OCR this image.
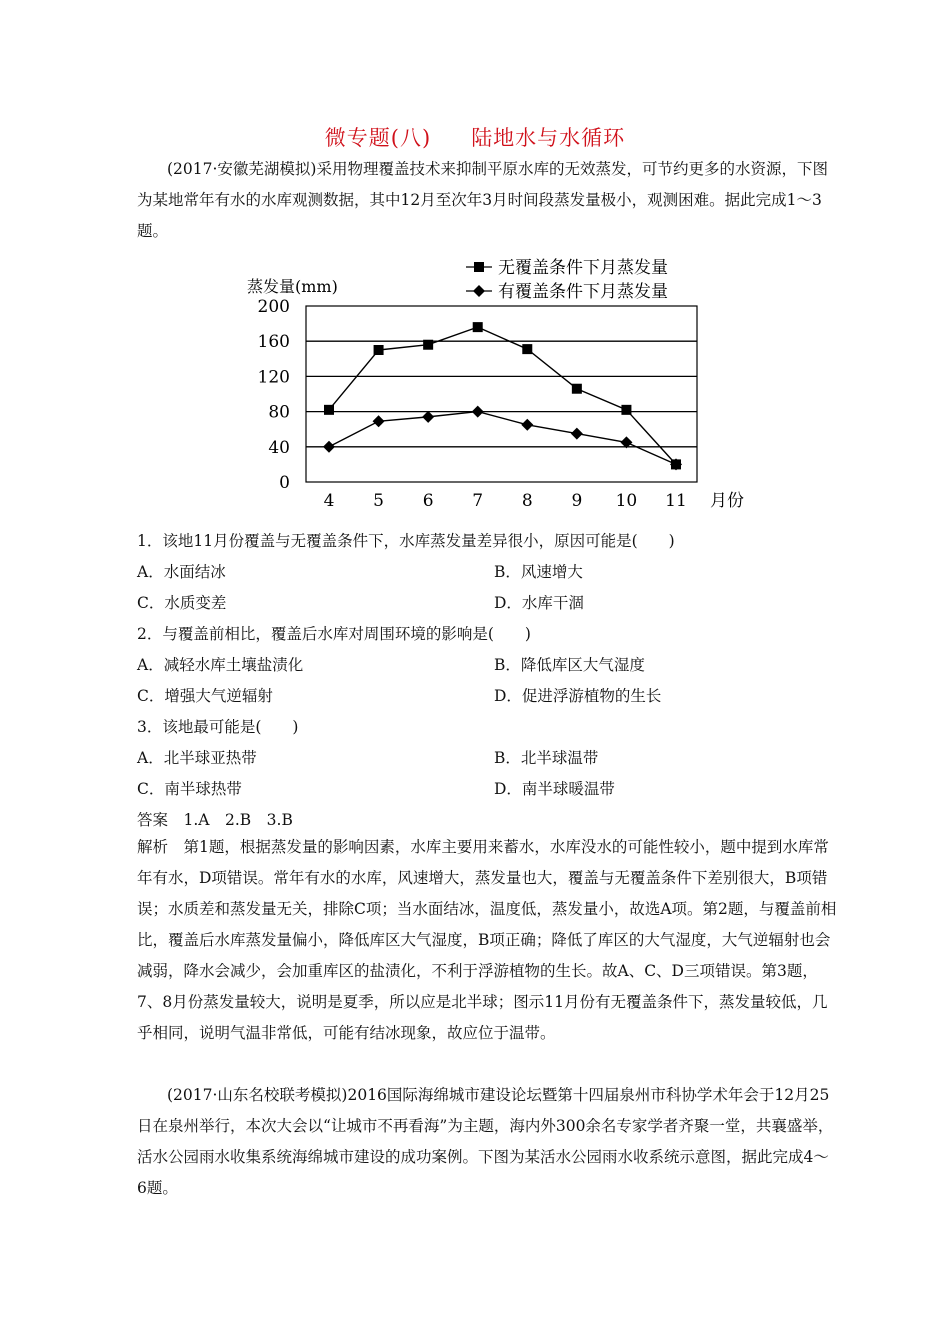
微专题(八) 陆地水与水循环
(2017·安徽芜湖模拟)采用物理覆盖技术来抑制平原水库的无效蒸发，可节约更多的水资源，下图为某地常年有水的水库观测数据，其中12月至次年3月时间段蒸发量极小，观测困难。据此完成1～3题。
无覆盖条件下月蒸发量
有覆盖条件下月蒸发量
蒸发量(mm)
0
40
80
120
160
200
4 5 6 7 8 9 10 11 月份
1．该地11月份覆盖与无覆盖条件下，水库蒸发量差异很小，原因可能是(　　)
A．水面结冰	B．风速增大
C．水质变差	D．水库干涸
2．与覆盖前相比，覆盖后水库对周围环境的影响是(　　)
A．减轻水库土壤盐渍化	B．降低库区大气湿度
C．增强大气逆辐射	D．促进浮游植物的生长
3．该地最可能是(　　)
A．北半球亚热带	B．北半球温带
C．南半球热带	D．南半球暖温带
答案　1.A　2.B　3.B
解析　第1题，根据蒸发量的影响因素，水库主要用来蓄水，水库没水的可能性较小，题中提到水库常年有水，D项错误。常年有水的水库，风速增大，蒸发量也大，覆盖与无覆盖条件下差别很大，B项错误；水质差和蒸发量无关，排除C项；当水面结冰，温度低，蒸发量小，故选A项。第2题，与覆盖前相比，覆盖后水库蒸发量偏小，降低库区大气湿度，B项正确；降低了库区的大气湿度，大气逆辐射也会减弱，降水会减少，会加重库区的盐渍化，不利于浮游植物的生长。故A、C、D三项错误。第3题，7、8月份蒸发量较大，说明是夏季，所以应是北半球；图示11月份有无覆盖条件下，蒸发量较低，几乎相同，说明气温非常低，可能有结冰现象，故应位于温带。
(2017·山东名校联考模拟)2016国际海绵城市建设论坛暨第十四届泉州市科协学术年会于12月25日在泉州举行，本次大会以“让城市不再看海”为主题，海内外300余名专家学者齐聚一堂，共襄盛举，活水公园雨水收集系统海绵城市建设的成功案例。下图为某活水公园雨水收系统示意图，据此完成4～6题。
